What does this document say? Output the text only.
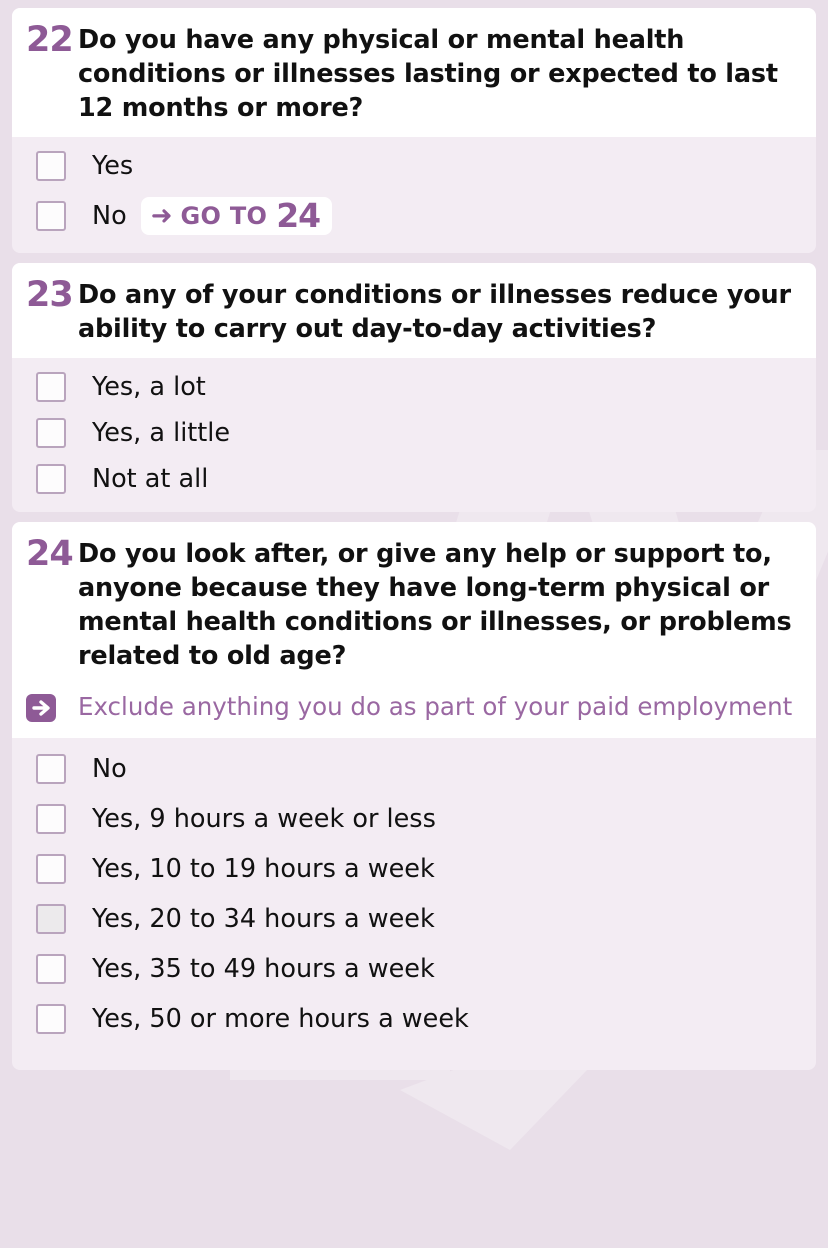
22 Do you have any physical or mental health conditions or illnesses lasting or expected to last 12 months or more?
Yes
No ➜ GO TO 24
23 Do any of your conditions or illnesses reduce your ability to carry out day-to-day activities?
Yes, a lot
Yes, a little
Not at all
24 Do you look after, or give any help or support to, anyone because they have long-term physical or mental health conditions or illnesses, or problems related to old age?
Exclude anything you do as part of your paid employment
No
Yes, 9 hours a week or less
Yes, 10 to 19 hours a week
Yes, 20 to 34 hours a week
Yes, 35 to 49 hours a week
Yes, 50 or more hours a week
